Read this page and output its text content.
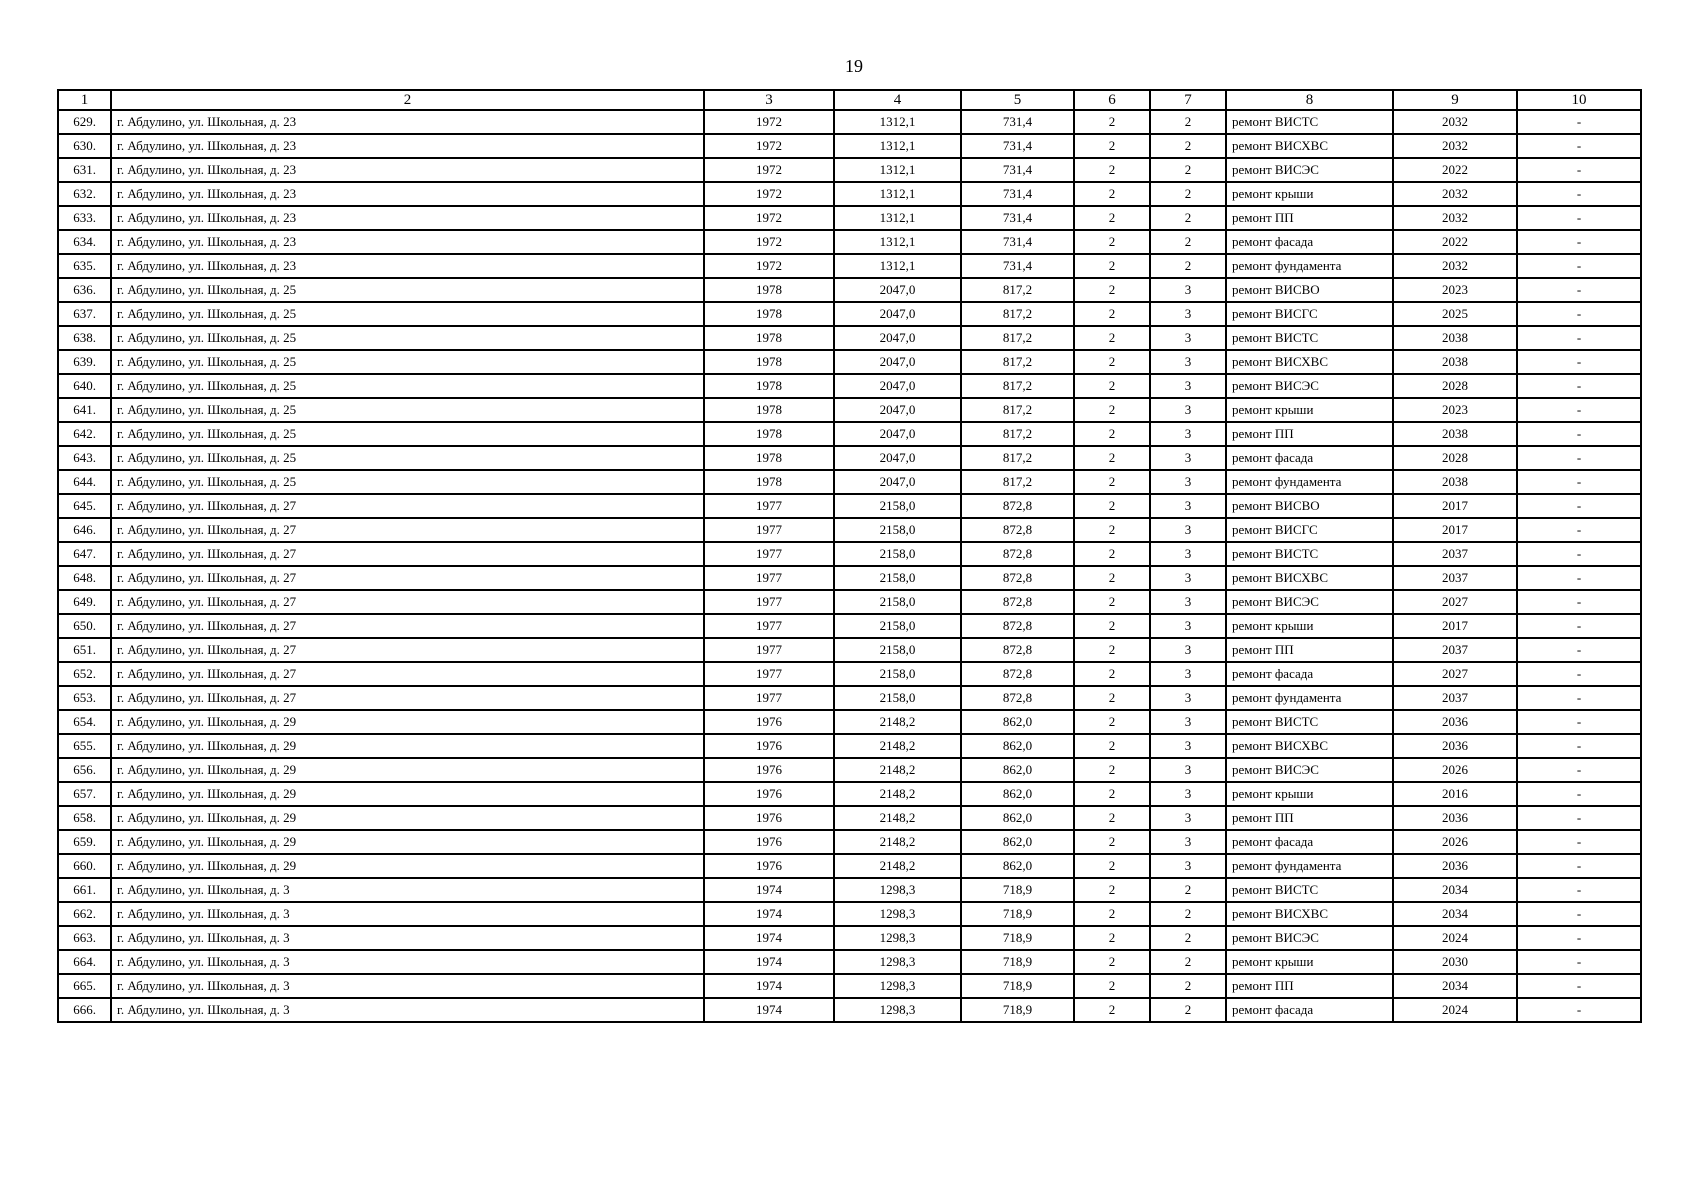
19
1	2	3	4	5	6	7	8	9	10
629.	г. Абдулино, ул. Школьная, д. 23	1972	1312,1	731,4	2	2	ремонт ВИСТС	2032	-
630.	г. Абдулино, ул. Школьная, д. 23	1972	1312,1	731,4	2	2	ремонт ВИСХВС	2032	-
631.	г. Абдулино, ул. Школьная, д. 23	1972	1312,1	731,4	2	2	ремонт ВИСЭС	2022	-
632.	г. Абдулино, ул. Школьная, д. 23	1972	1312,1	731,4	2	2	ремонт крыши	2032	-
633.	г. Абдулино, ул. Школьная, д. 23	1972	1312,1	731,4	2	2	ремонт ПП	2032	-
634.	г. Абдулино, ул. Школьная, д. 23	1972	1312,1	731,4	2	2	ремонт фасада	2022	-
635.	г. Абдулино, ул. Школьная, д. 23	1972	1312,1	731,4	2	2	ремонт фундамента	2032	-
636.	г. Абдулино, ул. Школьная, д. 25	1978	2047,0	817,2	2	3	ремонт ВИСВО	2023	-
637.	г. Абдулино, ул. Школьная, д. 25	1978	2047,0	817,2	2	3	ремонт ВИСГС	2025	-
638.	г. Абдулино, ул. Школьная, д. 25	1978	2047,0	817,2	2	3	ремонт ВИСТС	2038	-
639.	г. Абдулино, ул. Школьная, д. 25	1978	2047,0	817,2	2	3	ремонт ВИСХВС	2038	-
640.	г. Абдулино, ул. Школьная, д. 25	1978	2047,0	817,2	2	3	ремонт ВИСЭС	2028	-
641.	г. Абдулино, ул. Школьная, д. 25	1978	2047,0	817,2	2	3	ремонт крыши	2023	-
642.	г. Абдулино, ул. Школьная, д. 25	1978	2047,0	817,2	2	3	ремонт ПП	2038	-
643.	г. Абдулино, ул. Школьная, д. 25	1978	2047,0	817,2	2	3	ремонт фасада	2028	-
644.	г. Абдулино, ул. Школьная, д. 25	1978	2047,0	817,2	2	3	ремонт фундамента	2038	-
645.	г. Абдулино, ул. Школьная, д. 27	1977	2158,0	872,8	2	3	ремонт ВИСВО	2017	-
646.	г. Абдулино, ул. Школьная, д. 27	1977	2158,0	872,8	2	3	ремонт ВИСГС	2017	-
647.	г. Абдулино, ул. Школьная, д. 27	1977	2158,0	872,8	2	3	ремонт ВИСТС	2037	-
648.	г. Абдулино, ул. Школьная, д. 27	1977	2158,0	872,8	2	3	ремонт ВИСХВС	2037	-
649.	г. Абдулино, ул. Школьная, д. 27	1977	2158,0	872,8	2	3	ремонт ВИСЭС	2027	-
650.	г. Абдулино, ул. Школьная, д. 27	1977	2158,0	872,8	2	3	ремонт крыши	2017	-
651.	г. Абдулино, ул. Школьная, д. 27	1977	2158,0	872,8	2	3	ремонт ПП	2037	-
652.	г. Абдулино, ул. Школьная, д. 27	1977	2158,0	872,8	2	3	ремонт фасада	2027	-
653.	г. Абдулино, ул. Школьная, д. 27	1977	2158,0	872,8	2	3	ремонт фундамента	2037	-
654.	г. Абдулино, ул. Школьная, д. 29	1976	2148,2	862,0	2	3	ремонт ВИСТС	2036	-
655.	г. Абдулино, ул. Школьная, д. 29	1976	2148,2	862,0	2	3	ремонт ВИСХВС	2036	-
656.	г. Абдулино, ул. Школьная, д. 29	1976	2148,2	862,0	2	3	ремонт ВИСЭС	2026	-
657.	г. Абдулино, ул. Школьная, д. 29	1976	2148,2	862,0	2	3	ремонт крыши	2016	-
658.	г. Абдулино, ул. Школьная, д. 29	1976	2148,2	862,0	2	3	ремонт ПП	2036	-
659.	г. Абдулино, ул. Школьная, д. 29	1976	2148,2	862,0	2	3	ремонт фасада	2026	-
660.	г. Абдулино, ул. Школьная, д. 29	1976	2148,2	862,0	2	3	ремонт фундамента	2036	-
661.	г. Абдулино, ул. Школьная, д. 3	1974	1298,3	718,9	2	2	ремонт ВИСТС	2034	-
662.	г. Абдулино, ул. Школьная, д. 3	1974	1298,3	718,9	2	2	ремонт ВИСХВС	2034	-
663.	г. Абдулино, ул. Школьная, д. 3	1974	1298,3	718,9	2	2	ремонт ВИСЭС	2024	-
664.	г. Абдулино, ул. Школьная, д. 3	1974	1298,3	718,9	2	2	ремонт крыши	2030	-
665.	г. Абдулино, ул. Школьная, д. 3	1974	1298,3	718,9	2	2	ремонт ПП	2034	-
666.	г. Абдулино, ул. Школьная, д. 3	1974	1298,3	718,9	2	2	ремонт фасада	2024	-
